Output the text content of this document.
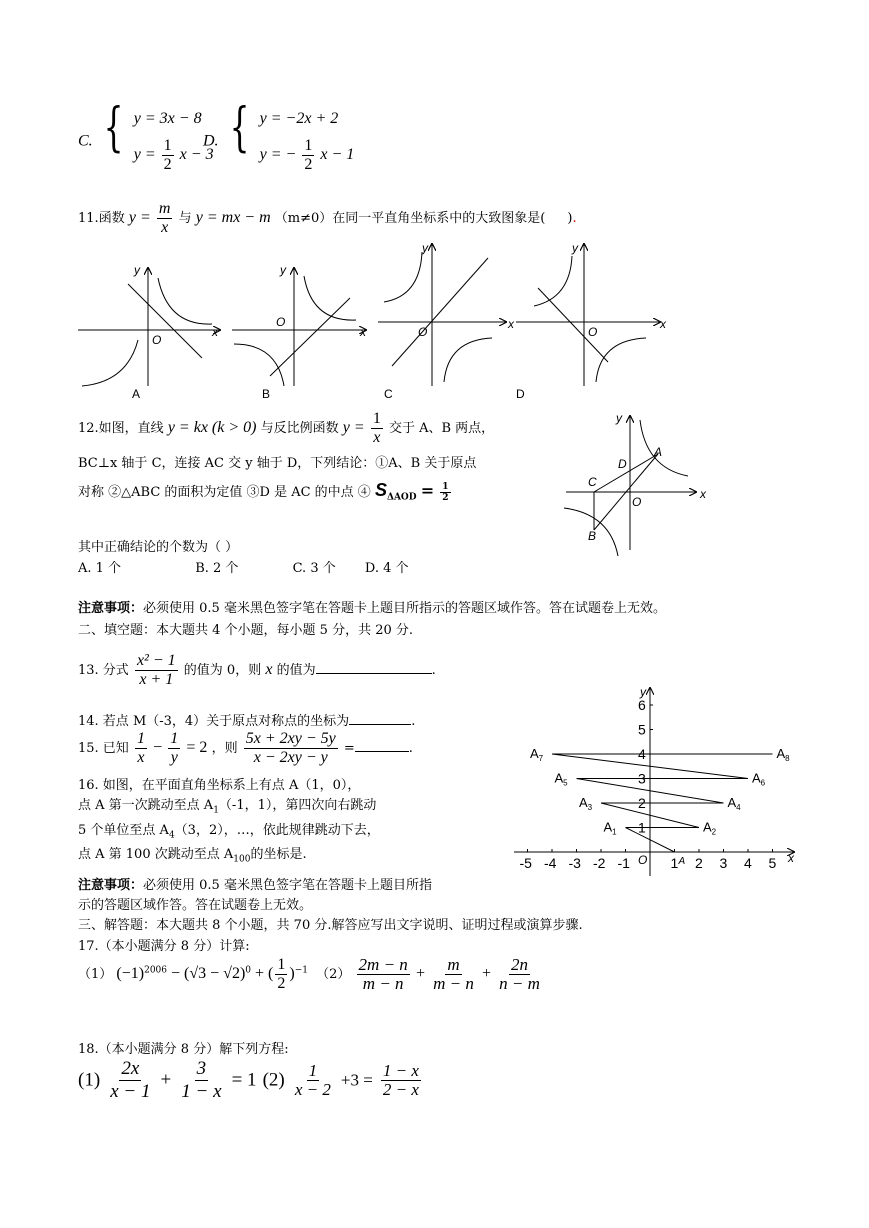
C. { y = 3x − 8
$y = \frac{1}{2}$ x − 3
D. { y = −2x + 2
y = − $\frac{1}{2}$ x − 1
11.函数 $y = \frac{m}{x}$ 与 y = mx − m （m≠0）在同一平直角坐标系中的大致图象是( ).
x
y
O
A
x
y
O
B
x
y
O
C
x
y
O
D
12.如图，直线 y = kx (k > 0) 与反比例函数 $y = \frac{1}{x}$ 交于 A、B 两点，
BC⊥x 轴于 C，连接 AC 交 y 轴于 D，下列结论：①A、B 关于原点
对称 ②△ABC 的面积为定值 ③D 是 AC 的中点 ④ $S_{\Delta AOD} = \frac{1}{2}$
其中正确结论的个数为（ ）
A. 1 个	B. 2 个	C. 3 个 D. 4 个
x
y
O
A
B
C
D
注意事项：必须使用 0.5 毫米黑色签字笔在答题卡上题目所指示的答题区域作答。答在试题卷上无效。
二、填空题：本大题共 4 个小题，每小题 5 分，共 20 分.
13. 分式 $\frac{\text{x² − 1}}{x + 1}$ 的值为 0，则 x 的值为	.
14. 若点 M（-3，4）关于原点对称点的坐标为	.
15. 已知 $\frac{1}{x} - \frac{1}{y} = 2$ ，则 $\frac{5x + 2xy - 5y}{x - 2xy - y}$ =	.
16. 如图，在平面直角坐标系上有点 A（1，0），
点 A 第一次跳动至点 $A_1(-1$，1），第四次向右跳动
5 个单位至点 $A_4(3$，2），…，依此规律跳动下去，
点 A 第 100 次跳动至点 $A_{100}$的坐标是.	x
y
O
-5 -4 -3 -2 -1	1 2 3 4 5
1
2
3
4
5
6
A
$A_1$	$A_2$
$A_3$	$A_4$
$A_5$	$A_6$
$A_7$	$A_8$
注意事项：必须使用 0.5 毫米黑色签字笔在答题卡上题目所指
示的答题区域作答。答在试题卷上无效。
三、解答题：本大题共 8 个小题，共 70 分.解答应写出文字说明、证明过程或演算步骤.
17.（本小题满分 8 分）计算:
（1） $(-1)^{2006} - (√3 - √2)^0$ + ( $\frac{1}{2} )^{-1}$ $(2) \frac{2m - n}{m - n} + \frac{m}{m - n} + \frac{2n}{n - m}$
18.（本小题满分 8 分）解下列方程:
$(1) \frac{2x}{x - 1} + \frac{3}{1 - x} = 1$ $(2) \frac{1}{x - 2} +3 = \frac{1 - x}{2 - x}$
